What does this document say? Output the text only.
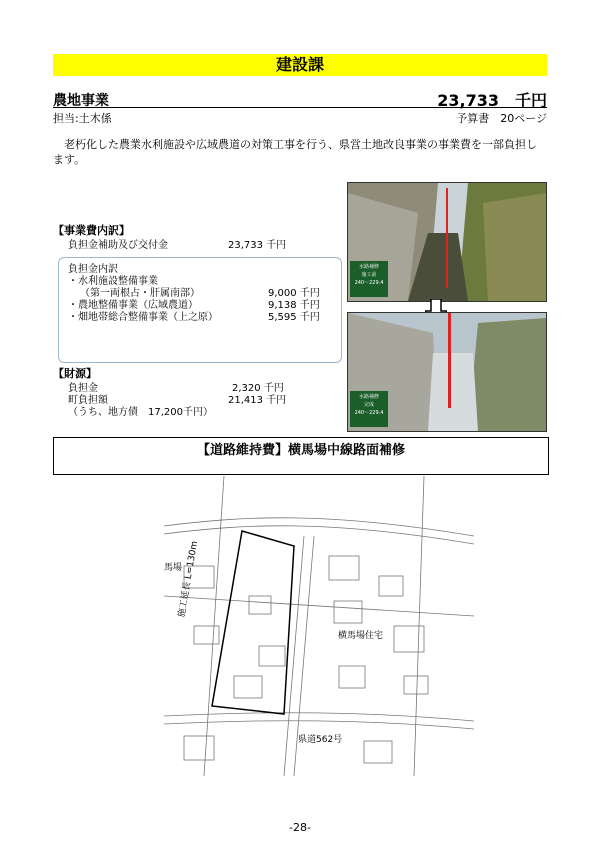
建設課
農地事業	23,733　千円
担当:土木係	予算書　20ページ
老朽化した農業水利施設や広域農道の対策工事を行う、県営土地改良事業の事業費を一部負担します。
【事業費内訳】
負担金補助及び交付金	23,733 千円
負担金内訳
・水利施設整備事業
（第一両根占・肝属南部）	9,000 千円
・農地整備事業（広域農道）	9,138 千円
・畑地帯総合整備事業（上之原）	5,595 千円
【財源】
負担金	2,320 千円
町負担額	21,413 千円
（うち、地方債　17,200千円）
水路補修
施工前
240～229.4
水路補修
完成
240～229.4
【道路維持費】横馬場中線路面補修
馬場
横馬場住宅
県道562号
施工延長 L=130m
-28-
